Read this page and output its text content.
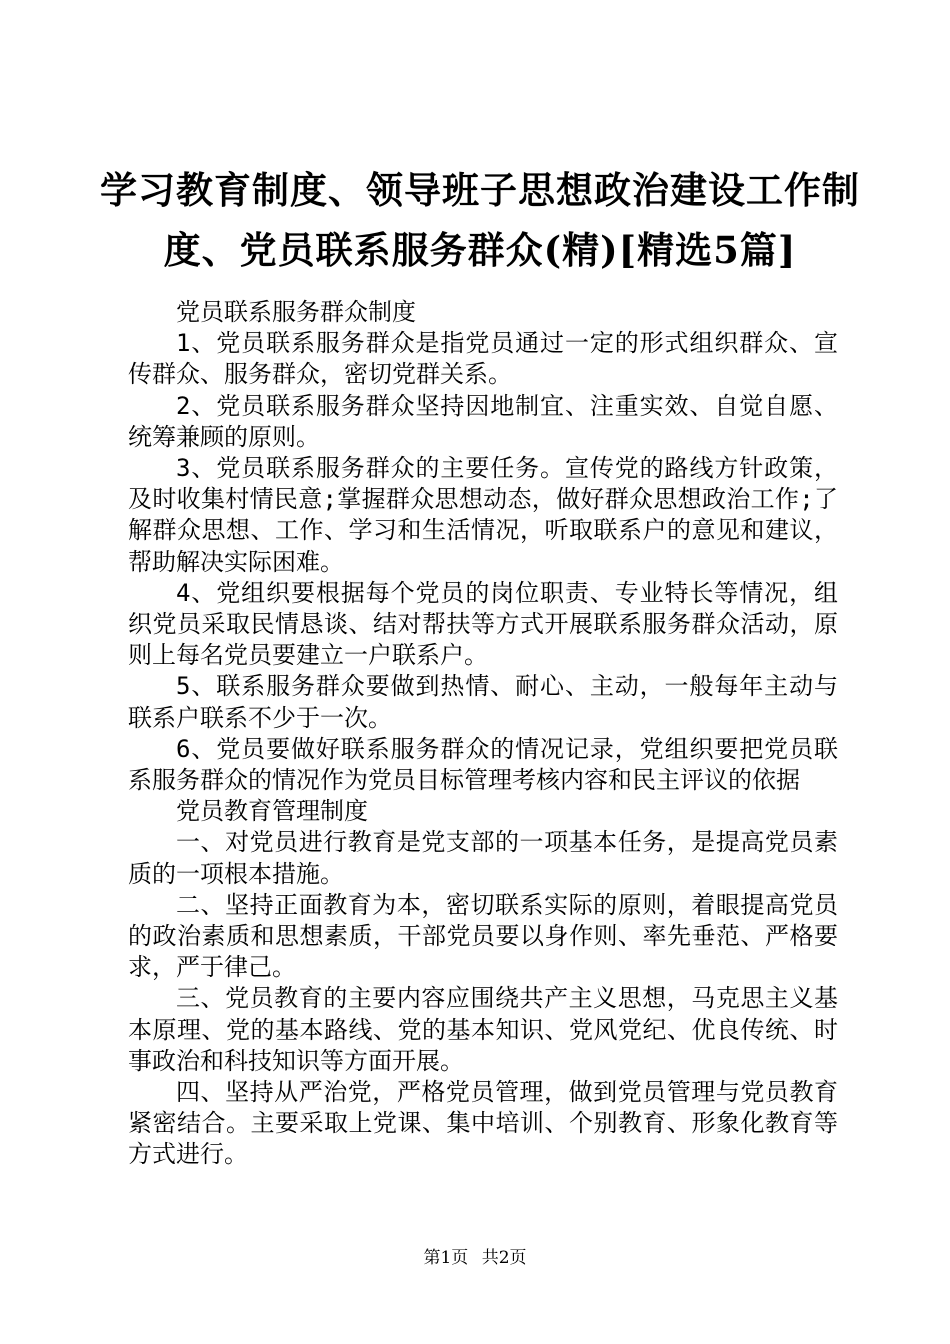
学习教育制度、领导班子思想政治建设工作制度、党员联系服务群众(精)[精选5篇]

党员联系服务群众制度

1、党员联系服务群众是指党员通过一定的形式组织群众、宣传群众、服务群众，密切党群关系。

2、党员联系服务群众坚持因地制宜、注重实效、自觉自愿、统筹兼顾的原则。

3、党员联系服务群众的主要任务。宣传党的路线方针政策，及时收集村情民意;掌握群众思想动态，做好群众思想政治工作;了解群众思想、工作、学习和生活情况，听取联系户的意见和建议，帮助解决实际困难。

4、党组织要根据每个党员的岗位职责、专业特长等情况，组织党员采取民情恳谈、结对帮扶等方式开展联系服务群众活动，原则上每名党员要建立一户联系户。

5、联系服务群众要做到热情、耐心、主动，一般每年主动与联系户联系不少于一次。

6、党员要做好联系服务群众的情况记录，党组织要把党员联系服务群众的情况作为党员目标管理考核内容和民主评议的依据

党员教育管理制度

一、对党员进行教育是党支部的一项基本任务，是提高党员素质的一项根本措施。

二、坚持正面教育为本，密切联系实际的原则，着眼提高党员的政治素质和思想素质，干部党员要以身作则、率先垂范、严格要求，严于律己。

三、党员教育的主要内容应围绕共产主义思想，马克思主义基本原理、党的基本路线、党的基本知识、党风党纪、优良传统、时事政治和科技知识等方面开展。

四、坚持从严治党，严格党员管理，做到党员管理与党员教育紧密结合。主要采取上党课、集中培训、个别教育、形象化教育等方式进行。

第1页 共2页
